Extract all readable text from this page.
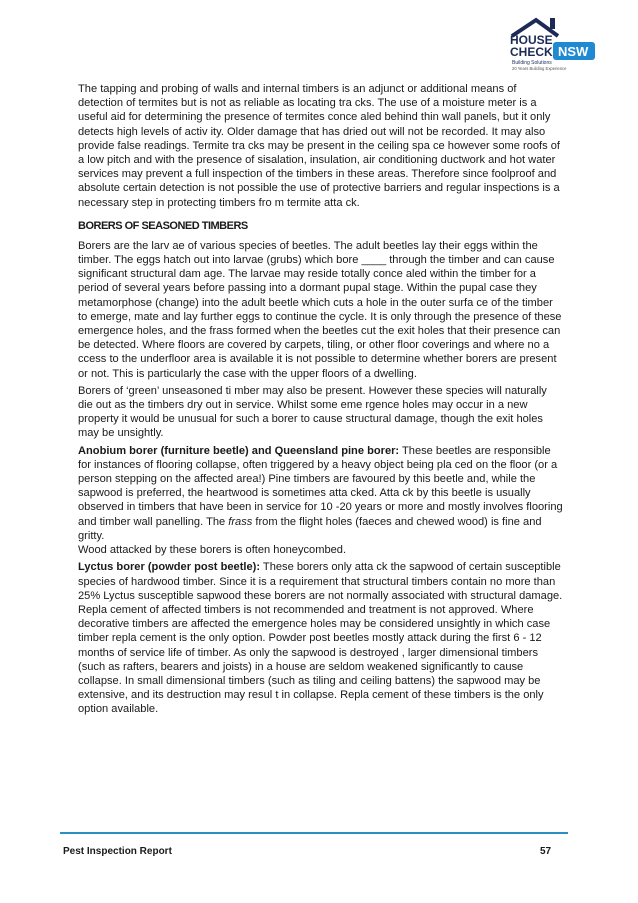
HOUSE
CHECK NSW
Building Solutions
20 Years Building Experience

The tapping and probing of walls and internal timbers is an adjunct or additional means of detection of termites but is not as reliable as locating tra cks. The use of a moisture meter is a useful aid for determining the presence of termites conce aled behind thin wall panels, but it only detects high levels of activ ity. Older damage that has dried out will not be recorded. It may also provide false readings. Termite tra cks may be present in the ceiling spa ce however some roofs of a low pitch and with the presence of sisalation, insulation, air conditioning ductwork and hot water services may prevent a full inspection of the timbers in these areas. Therefore since foolproof and absolute certain detection is not possible the use of protective barriers and regular inspections is a necessary step in protecting timbers fro m termite atta ck.

BORERS OF SEASONED TIMBERS

Borers are the larv ae of various species of beetles. The adult beetles lay their eggs within the timber. The eggs hatch out into larvae (grubs) which bore ____ through the timber and can cause significant structural dam age. The larvae may reside totally conce aled within the timber for a period of several years before passing into a dormant pupal stage. Within the pupal case they metamorphose (change) into the adult beetle which cuts a hole in the outer surfa ce of the timber to emerge, mate and lay further eggs to continue the cycle. It is only through the presence of these emergence holes, and the frass formed when the beetles cut the exit holes that their presence can be detected. Where floors are covered by carpets, tiling, or other floor coverings and where no a ccess to the underfloor area is available it is not possible to determine whether borers are present or not. This is particularly the case with the upper floors of a dwelling.

Borers of ‘green’ unseasoned ti mber may also be present. However these species will naturally die out as the timbers dry out in service. Whilst some eme rgence holes may occur in a new property it would be unusual for such a borer to cause structural damage, though the exit holes may be unsightly.

Anobium borer (furniture beetle) and Queensland pine borer: These beetles are responsible for instances of flooring collapse, often triggered by a heavy object being pla ced on the floor (or a person stepping on the affected area!) Pine timbers are favoured by this beetle and, while the sapwood is preferred, the heartwood is sometimes atta cked. Atta ck by this beetle is usually observed in timbers that have been in service for 10 -20 years or more and mostly involves flooring and timber wall panelling. The frass from the flight holes (faeces and chewed wood) is fine and gritty.

Wood attacked by these borers is often honeycombed.

Lyctus borer (powder post beetle): These borers only atta ck the sapwood of certain susceptible species of hardwood timber. Since it is a requirement that structural timbers contain no more than 25% Lyctus susceptible sapwood these borers are not normally associated with structural damage. Repla cement of affected timbers is not recommended and treatment is not approved. Where decorative timbers are affected the emergence holes may be considered unsightly in which case timber repla cement is the only option. Powder post beetles mostly attack during the first 6 - 12 months of service life of timber. As only the sapwood is destroyed , larger dimensional timbers (such as rafters, bearers and joists) in a house are seldom weakened significantly to cause collapse. In small dimensional timbers (such as tiling and ceiling battens) the sapwood may be extensive, and its destruction may resul t in collapse. Repla cement of these timbers is the only option available.

Pest Inspection Report	57
